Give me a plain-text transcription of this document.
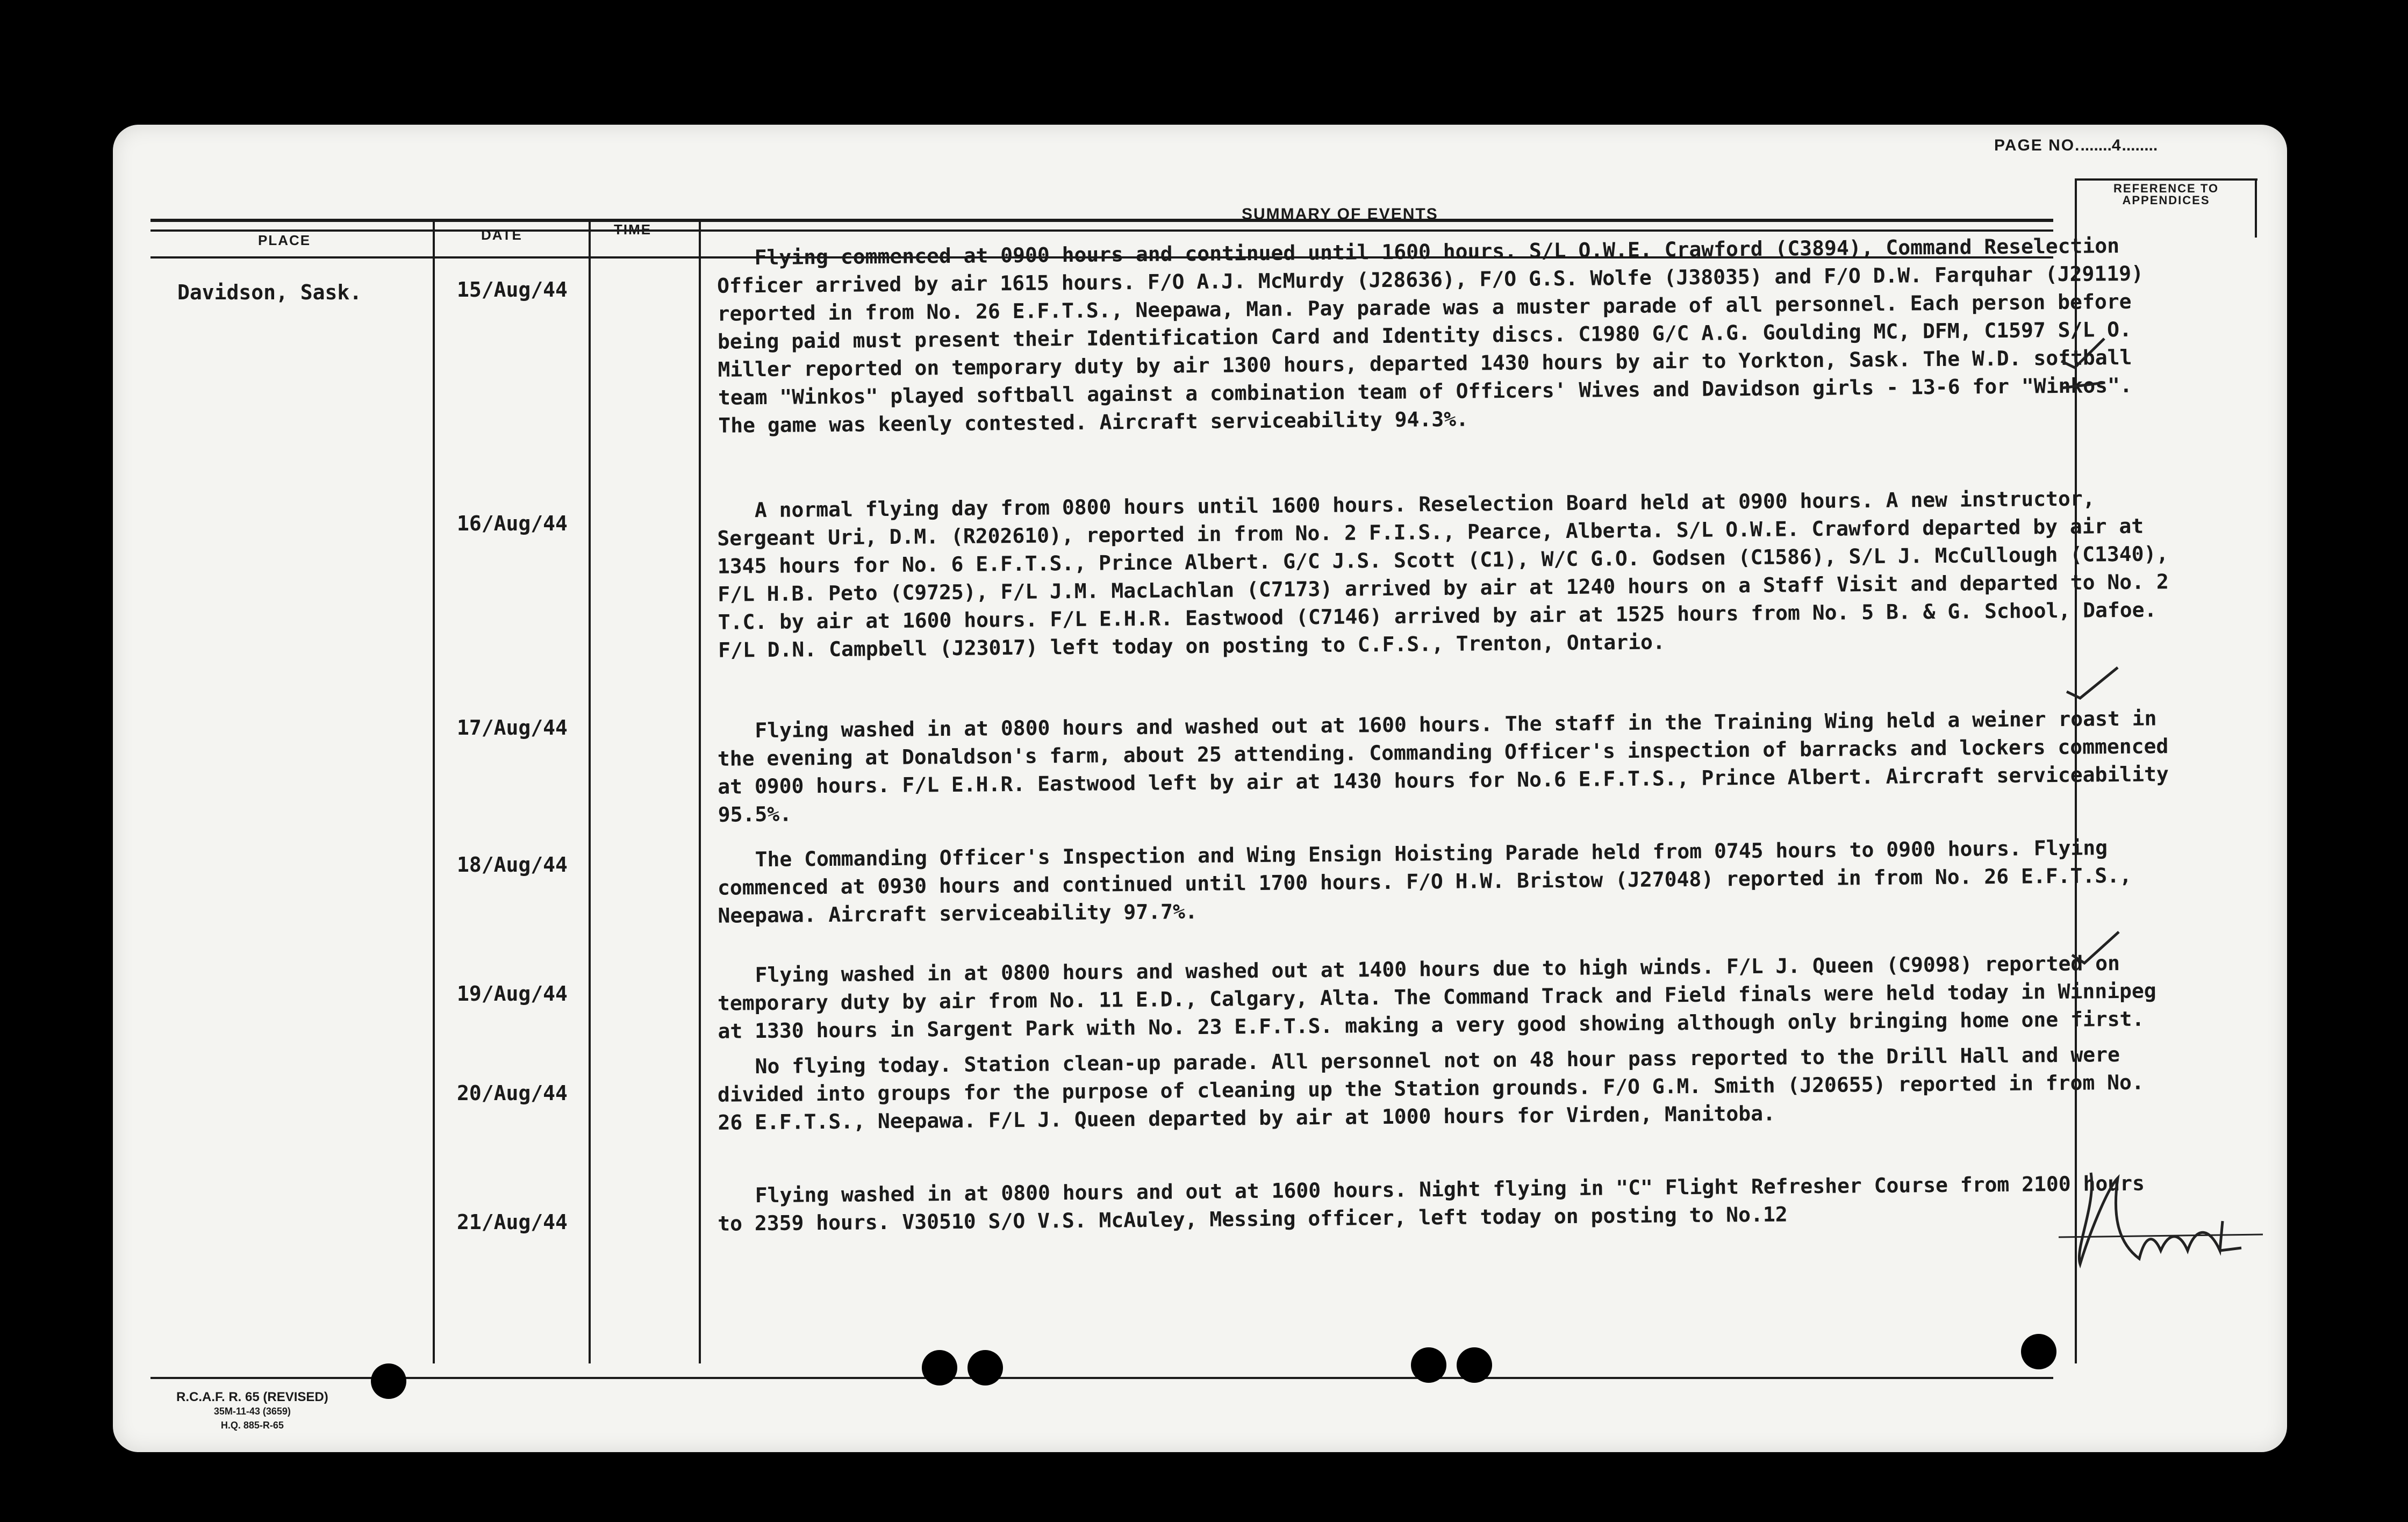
PAGE NO........4........
SUMMARY OF EVENTS
REFERENCE TO APPENDICES
PLACE	DATE	TIME
Davidson, Sask.	15/Aug/44
Flying commenced at 0900 hours and continued until 1600 hours. S/L O.W.E. Crawford (C3894), Command Reselection Officer arrived by air 1615 hours. F/O A.J. McMurdy (J28636), F/O G.S. Wolfe (J38035) and F/O D.W. Farquhar (J29119) reported in from No. 26 E.F.T.S., Neepawa, Man. Pay parade was a muster parade of all personnel. Each person before being paid must present their Identification Card and Identity discs. C1980 G/C A.G. Goulding MC, DFM, C1597 S/L O. Miller reported on temporary duty by air 1300 hours, departed 1430 hours by air to Yorkton, Sask. The W.D. softball team "Winkos" played softball against a combination team of Officers' Wives and Davidson girls - 13-6 for "Winkos". The game was keenly contested. Aircraft serviceability 94.3%.
16/Aug/44
A normal flying day from 0800 hours until 1600 hours. Reselection Board held at 0900 hours. A new instructor, Sergeant Uri, D.M. (R202610), reported in from No. 2 F.I.S., Pearce, Alberta. S/L O.W.E. Crawford departed by air at 1345 hours for No. 6 E.F.T.S., Prince Albert. G/C J.S. Scott (C1), W/C G.O. Godsen (C1586), S/L J. McCullough (C1340), F/L H.B. Peto (C9725), F/L J.M. MacLachlan (C7173) arrived by air at 1240 hours on a Staff Visit and departed to No. 2 T.C. by air at 1600 hours. F/L E.H.R. Eastwood (C7146) arrived by air at 1525 hours from No. 5 B. & G. School, Dafoe. F/L D.N. Campbell (J23017) left today on posting to C.F.S., Trenton, Ontario.
17/Aug/44	Flying washed in at 0800 hours and washed out at 1600 hours. The staff in the Training Wing held a weiner roast in the evening at Donaldson's farm, about 25 attending. Commanding Officer's inspection of barracks and lockers commenced at 0900 hours. F/L E.H.R. Eastwood left by air at 1430 hours for No.6 E.F.T.S., Prince Albert. Aircraft serviceability 95.5%.
18/Aug/44	The Commanding Officer's Inspection and Wing Ensign Hoisting Parade held from 0745 hours to 0900 hours. Flying commenced at 0930 hours and continued until 1700 hours. F/O H.W. Bristow (J27048) reported in from No. 26 E.F.T.S., Neepawa. Aircraft serviceability 97.7%.
19/Aug/44
Flying washed in at 0800 hours and washed out at 1400 hours due to high winds. F/L J. Queen (C9098) reported on temporary duty by air from No. 11 E.D., Calgary, Alta. The Command Track and Field finals were held today in Winnipeg at 1330 hours in Sargent Park with No. 23 E.F.T.S. making a very good showing although only bringing home one first.
20/Aug/44
No flying today. Station clean-up parade. All personnel not on 48 hour pass reported to the Drill Hall and were divided into groups for the purpose of cleaning up the Station grounds. F/O G.M. Smith (J20655) reported in from No. 26 E.F.T.S., Neepawa. F/L J. Queen departed by air at 1000 hours for Virden, Manitoba.
21/Aug/44
Flying washed in at 0800 hours and out at 1600 hours. Night flying in "C" Flight Refresher Course from 2100 hours to 2359 hours. V30510 S/O V.S. McAuley, Messing officer, left today on posting to No.12
R.C.A.F. R. 65 (REVISED)
35M-11-43 (3659)
H.Q. 885-R-65
